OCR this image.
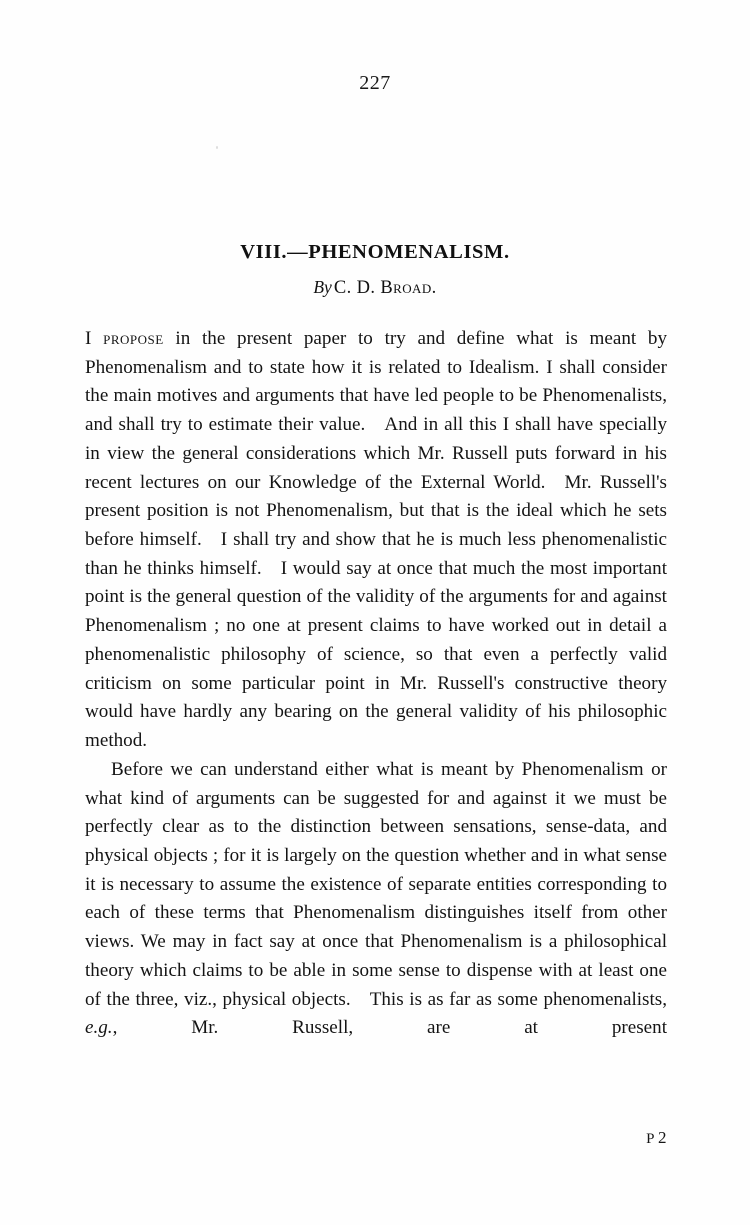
227
VIII.—PHENOMENALISM.
By C. D. Broad.

I propose in the present paper to try and define what is meant by Phenomenalism and to state how it is related to Idealism. I shall consider the main motives and arguments that have led people to be Phenomenalists, and shall try to estimate their value. And in all this I shall have specially in view the general considerations which Mr. Russell puts forward in his recent lectures on our Knowledge of the External World. Mr. Russell's present position is not Phenomenalism, but that is the ideal which he sets before himself. I shall try and show that he is much less phenomenalistic than he thinks himself. I would say at once that much the most important point is the general question of the validity of the arguments for and against Phenomenalism ; no one at present claims to have worked out in detail a phenomenalistic philosophy of science, so that even a perfectly valid criticism on some particular point in Mr. Russell's constructive theory would have hardly any bearing on the general validity of his philosophic method.

Before we can understand either what is meant by Phenomenalism or what kind of arguments can be suggested for and against it we must be perfectly clear as to the distinction between sensations, sense-data, and physical objects ; for it is largely on the question whether and in what sense it is necessary to assume the existence of separate entities corresponding to each of these terms that Phenomenalism distinguishes itself from other views. We may in fact say at once that Phenomenalism is a philosophical theory which claims to be able in some sense to dispense with at least one of the three, viz., physical objects. This is as far as some phenomenalists, e.g., Mr. Russell, are at present

P 2
